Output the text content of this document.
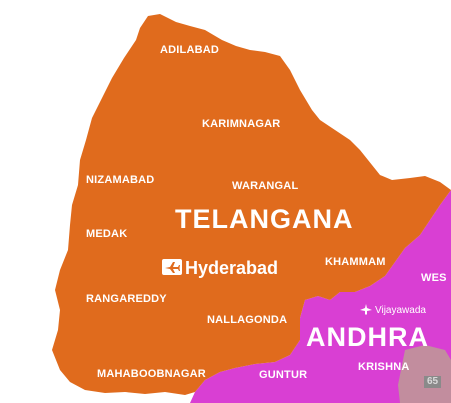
ADILABAD
KARIMNAGAR
NIZAMABAD	WARANGAL
MEDAK
KHAMMAM
RANGAREDDY
NALLAGONDA
MAHABOOBNAGAR	GUNTUR
KRISHNA
WES
TELANGANA
ANDHRA
Hyderabad
Vijayawada
65
